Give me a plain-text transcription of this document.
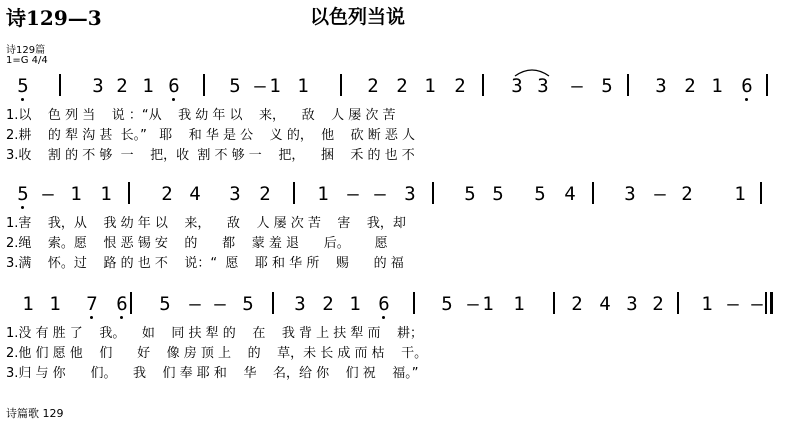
诗129—3	以色列当说
诗129篇
1=G 4/4
5	3 2 1 6	5 – 1 1	2 2 1 2 3 3 – 5 3 2 1 6
1.以    色 列 当    说 ：“从    我 幼 年 以    来，    敌    人 屡 次 苦
2.耕    的 犁 沟 甚  长。”   耶    和 华 是 公    义 的，  他    砍 断 恶 人
3.收    割 的 不 够  一    把，收  割 不 够 一    把，    捆    禾 的 也 不
5 – 1 1	2 4 3 2 1 – – 3	5 5 5 4	3 – 2 1
1.害    我，从    我 幼 年 以    来，    敌    人 屡 次 苦    害    我，却
2.绳    索。愿    恨 恶 锡 安    的      都    蒙 羞 退      后。      愿
3.满    怀。过    路 的 也 不    说：“  愿    耶 和 华 所    赐      的 福
1 1 7 6 5 – – 5 3 2 1 6	5 – 1 1 2 4 3 2 1 – –
1.没 有 胜 了    我。    如    同 扶 犁 的    在    我 背 上 扶 犁 而    耕；
2.他 们 愿 他    们      好    像 房 顶 上    的    草，未 长 成 而 枯    干。
3.归 与 你      们。    我    们 奉 耶 和    华    名，给 你    们 祝    福。”
诗篇歌 129
